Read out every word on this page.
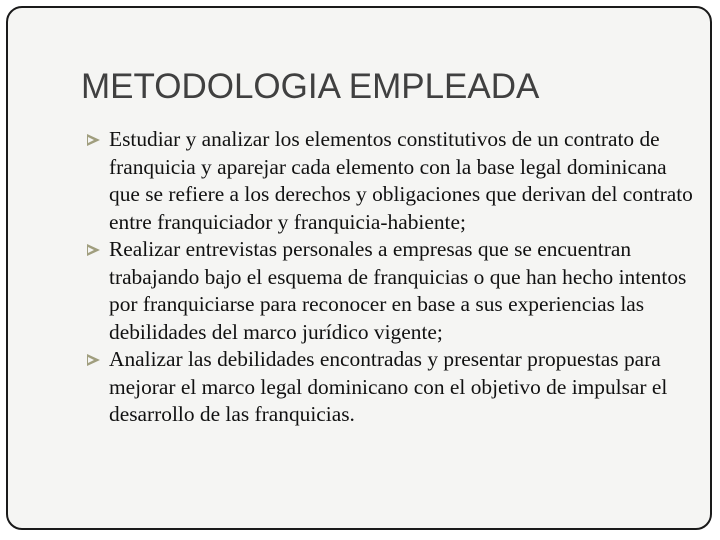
METODOLOGIA EMPLEADA
Estudiar y analizar los elementos constitutivos de un contrato de franquicia y aparejar cada elemento con la base legal dominicana que se refiere a los derechos y obligaciones que derivan del contrato entre franquiciador y franquicia-habiente;
Realizar entrevistas personales a empresas que se encuentran trabajando bajo el esquema de franquicias o que han hecho intentos por franquiciarse para reconocer en base a sus experiencias las debilidades del marco jurídico vigente;
Analizar las debilidades encontradas y presentar propuestas para mejorar el marco legal dominicano con el objetivo de impulsar el desarrollo de las franquicias.
